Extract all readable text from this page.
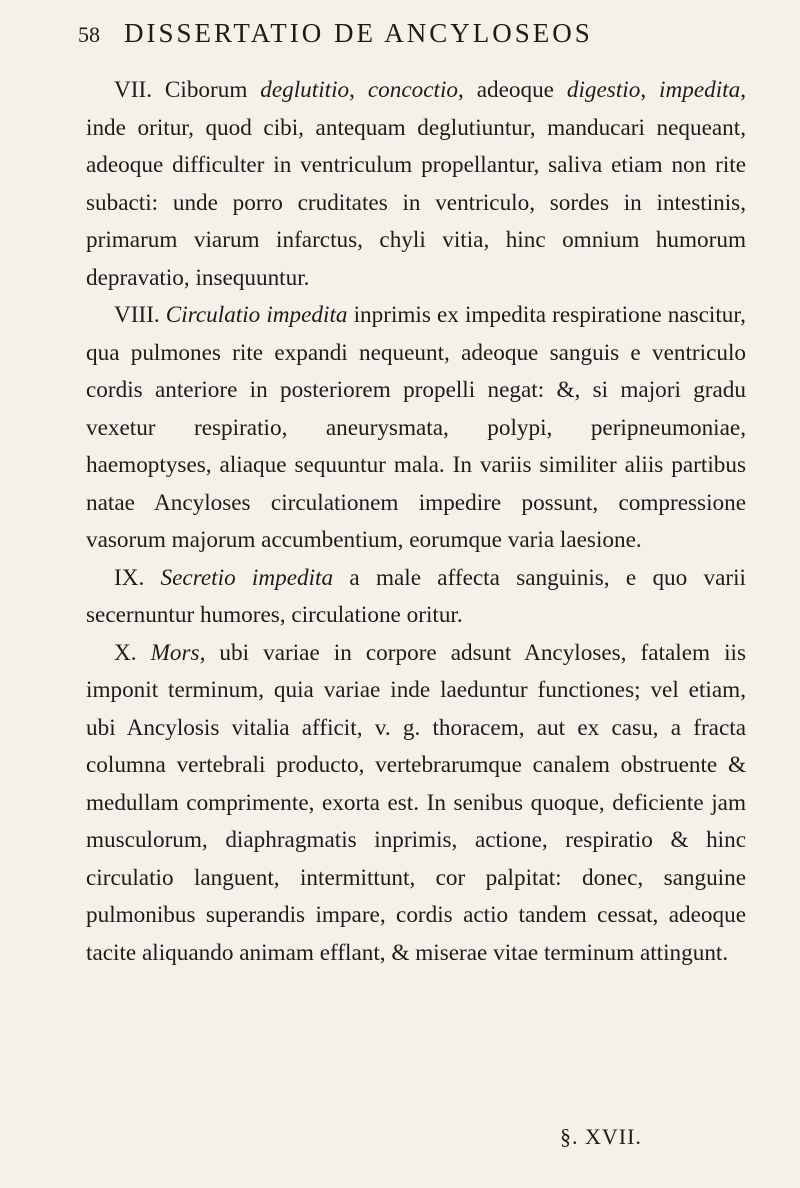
58 DISSERTATIO DE ANCYLOSEOS

VII. Ciborum deglutitio, concoctio, adeoque digestio, impedita, inde oritur, quod cibi, antequam deglutiuntur, manducari nequeant, adeoque difficulter in ventriculum propellantur, saliva etiam non rite subacti: unde porro cruditates in ventriculo, sordes in intestinis, primarum viarum infarctus, chyli vitia, hinc omnium humorum depravatio, insequuntur.

VIII. Circulatio impedita inprimis ex impedita respiratione nascitur, qua pulmones rite expandi nequeunt, adeoque sanguis e ventriculo cordis anteriore in posteriorem propelli negat: &, si majori gradu vexetur respiratio, aneurysmata, polypi, peripneumoniae, haemoptyses, aliaque sequuntur mala. In variis similiter aliis partibus natae Ancyloses circulationem impedire possunt, compressione vasorum majorum accumbentium, eorumque varia laesione.

IX. Secretio impedita a male affecta sanguinis, e quo varii secernuntur humores, circulatione oritur.

X. Mors, ubi variae in corpore adsunt Ancyloses, fatalem iis imponit terminum, quia variae inde laeduntur functiones; vel etiam, ubi Ancylosis vitalia afficit, v. g. thoracem, aut ex casu, a fracta columna vertebrali producto, vertebrarumque canalem obstruente & medullam comprimente, exorta est. In senibus quoque, deficiente jam musculorum, diaphragmatis inprimis, actione, respiratio & hinc circulatio languent, intermittunt, cor palpitat: donec, sanguine pulmonibus superandis impare, cordis actio tandem cessat, adeoque tacite aliquando animam efflant, & miserae vitae terminum attingunt.

§. XVII.
